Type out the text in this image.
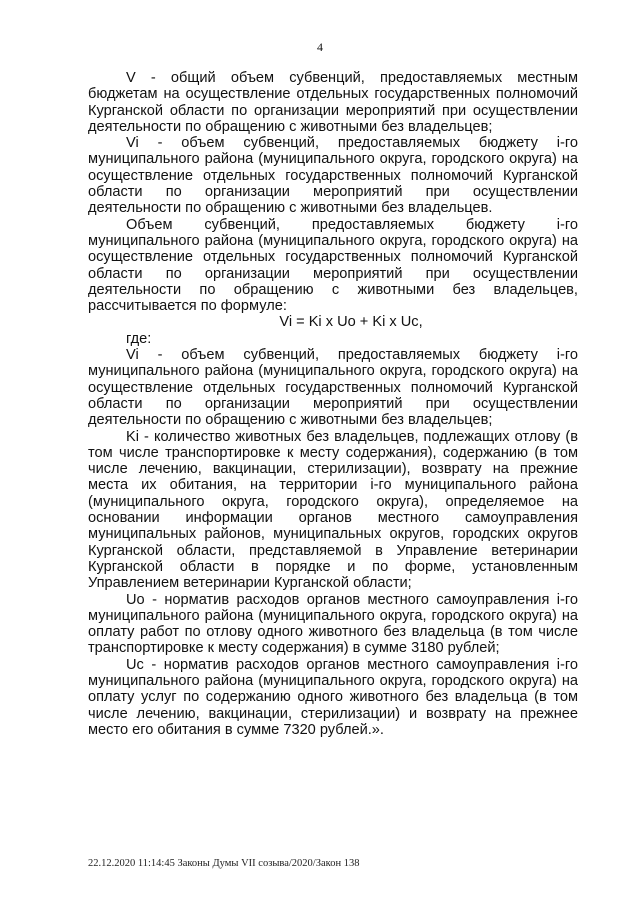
4

V - общий объем субвенций, предоставляемых местным бюджетам на осуществление отдельных государственных полномочий Курганской области по организации мероприятий при осуществлении деятельности по обращению с животными без владельцев;

Vi - объем субвенций, предоставляемых бюджету i-го муниципального района (муниципального округа, городского округа) на осуществление отдельных государственных полномочий Курганской области по организации мероприятий при осуществлении деятельности по обращению с животными без владельцев.

Объем субвенций, предоставляемых бюджету i-го муниципального района (муниципального округа, городского округа) на осуществление отдельных государственных полномочий Курганской области по организации мероприятий при осуществлении деятельности по обращению с животными без владельцев, рассчитывается по формуле:

Vi = Ki x Uo + Ki x Uc,

где:

Vi - объем субвенций, предоставляемых бюджету i-го муниципального района (муниципального округа, городского округа) на осуществление отдельных государственных полномочий Курганской области по организации мероприятий при осуществлении деятельности по обращению с животными без владельцев;

Ki - количество животных без владельцев, подлежащих отлову (в том числе транспортировке к месту содержания), содержанию (в том числе лечению, вакцинации, стерилизации), возврату на прежние места их обитания, на территории i-го муниципального района (муниципального округа, городского округа), определяемое на основании информации органов местного самоуправления муниципальных районов, муниципальных округов, городских округов Курганской области, представляемой в Управление ветеринарии Курганской области в порядке и по форме, установленным Управлением ветеринарии Курганской области;

Uo - норматив расходов органов местного самоуправления i-го муниципального района (муниципального округа, городского округа) на оплату работ по отлову одного животного без владельца (в том числе транспортировке к месту содержания) в сумме 3180 рублей;

Uc - норматив расходов органов местного самоуправления i-го муниципального района (муниципального округа, городского округа) на оплату услуг по содержанию одного животного без владельца (в том числе лечению, вакцинации, стерилизации) и возврату на прежнее место его обитания в сумме 7320 рублей.».

22.12.2020 11:14:45 Законы Думы VII созыва/2020/Закон 138
